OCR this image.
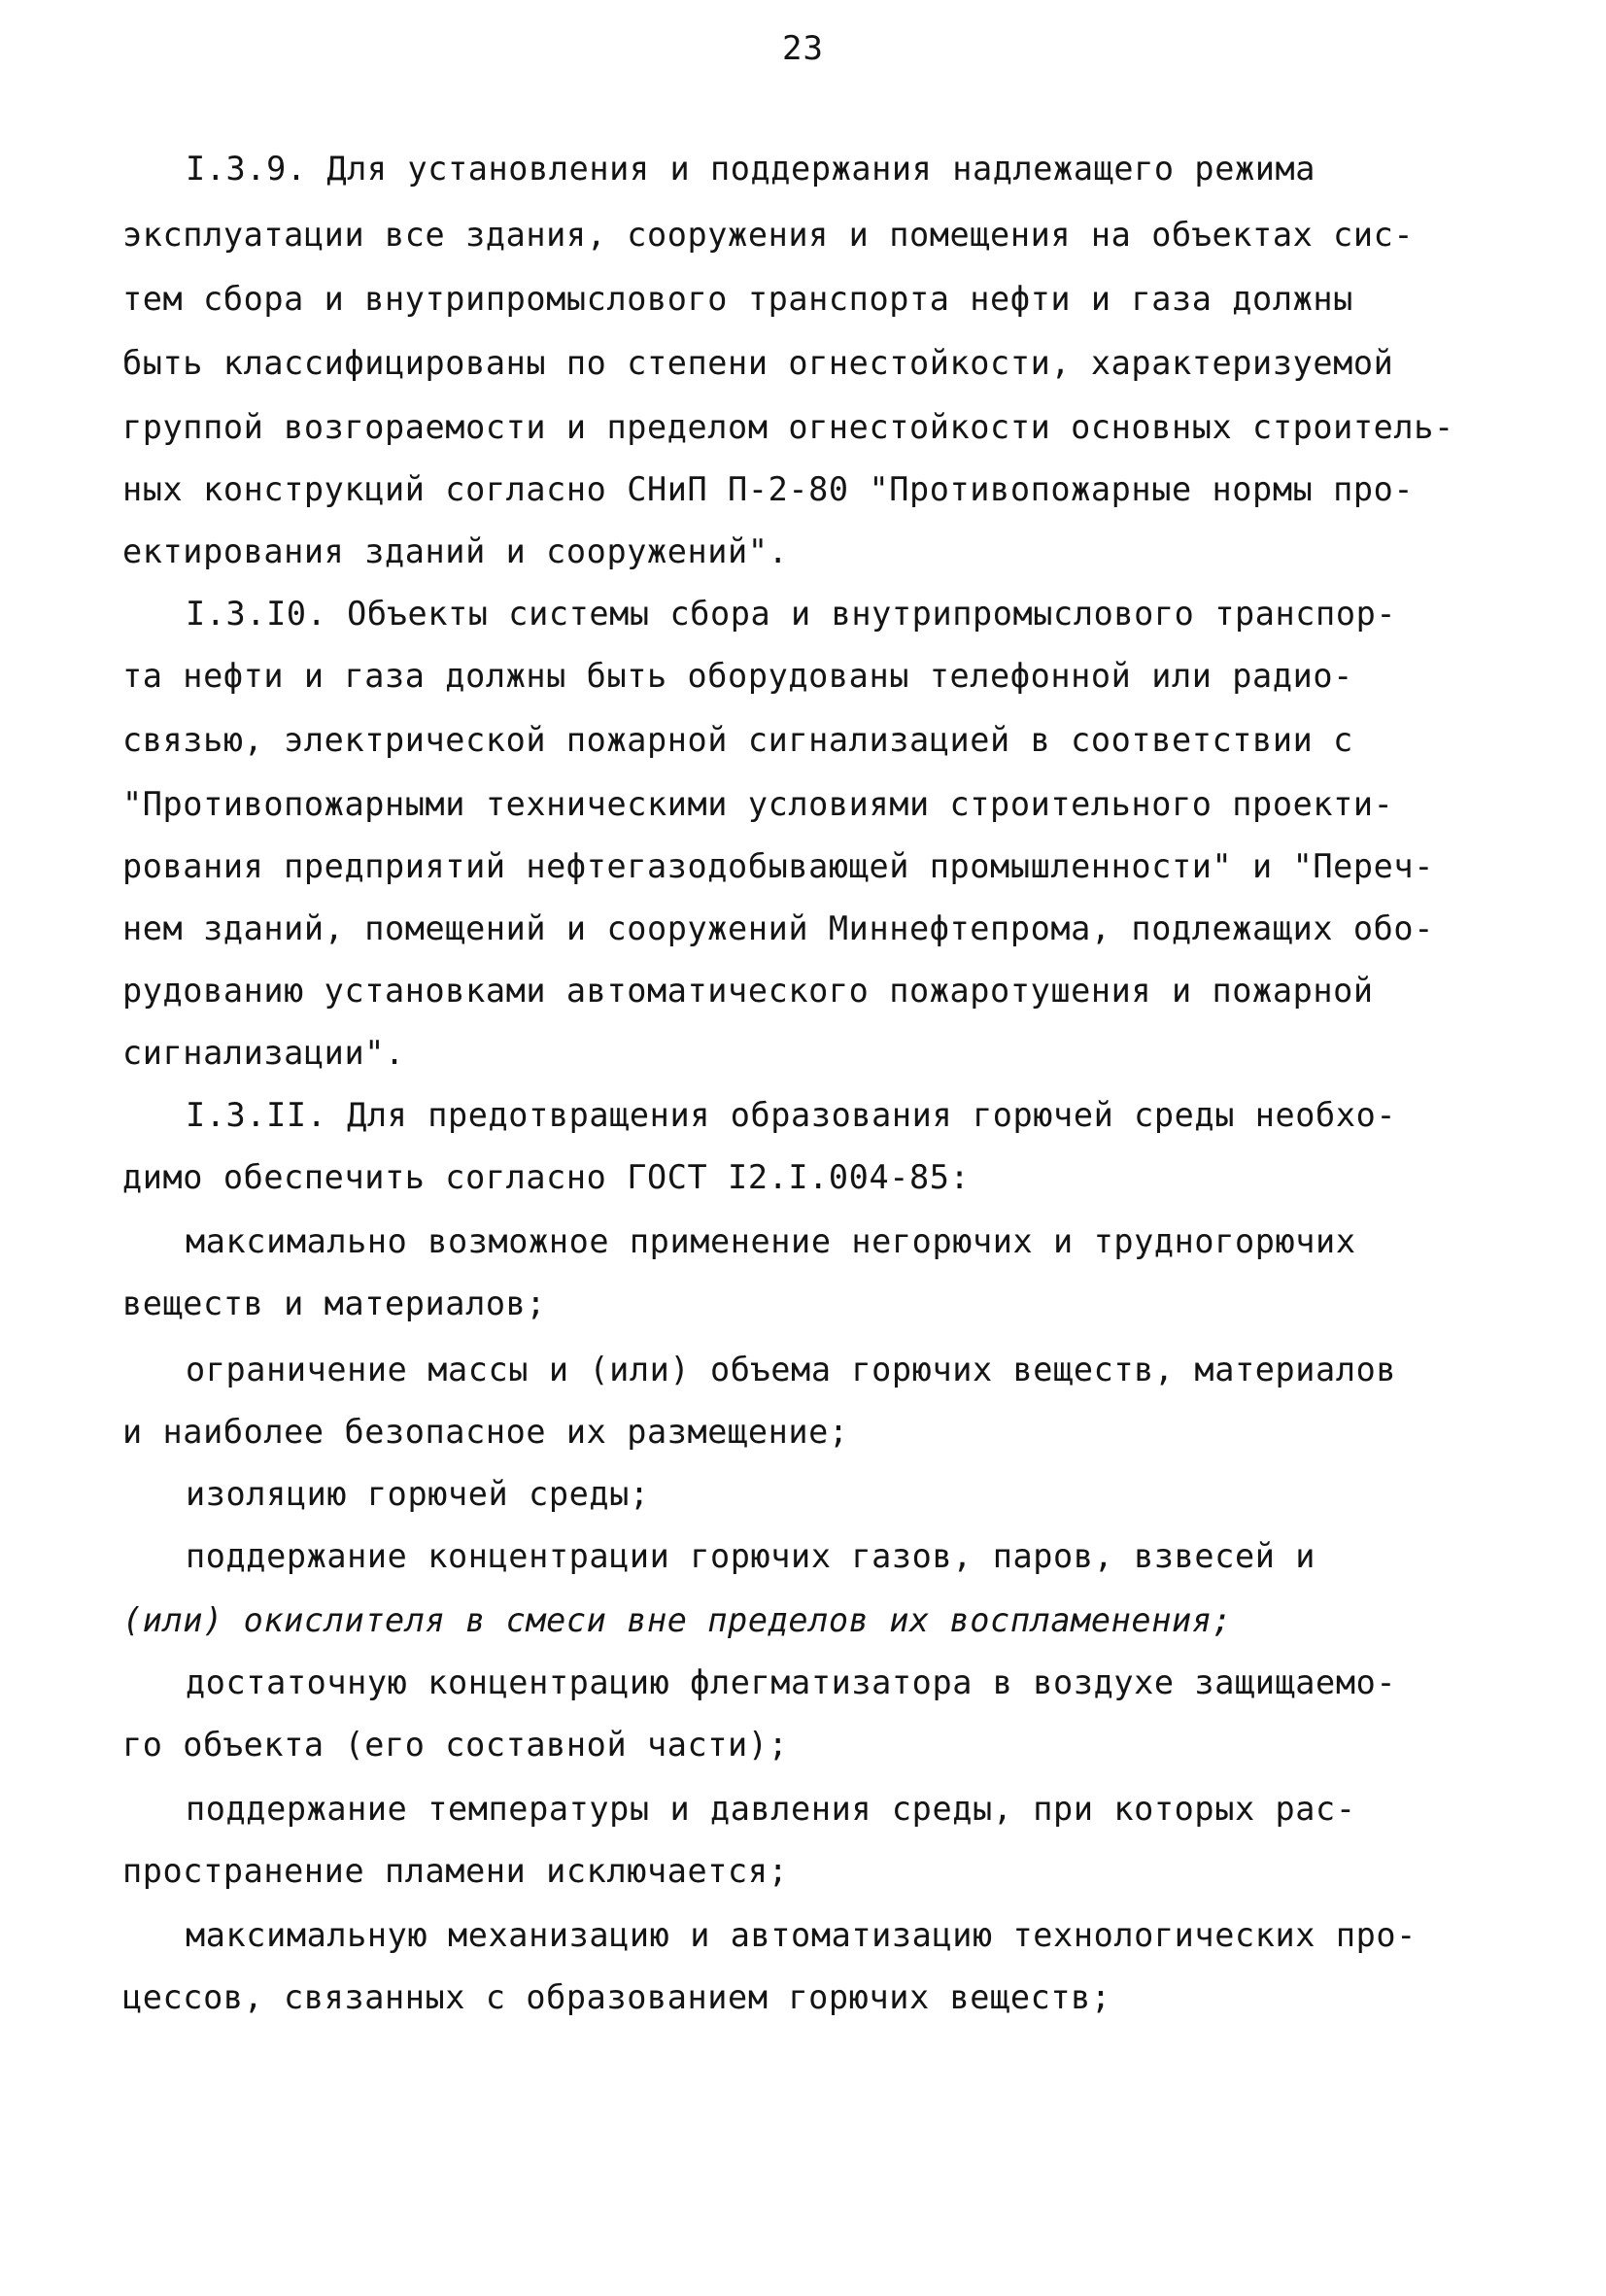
23
I.3.9. Для установления и поддержания надлежащего режима
эксплуатации все здания, сооружения и помещения на объектах сис-
тем сбора и внутрипромыслового транспорта нефти и газа должны
быть классифицированы по степени огнестойкости, характеризуемой
группой возгораемости и пределом огнестойкости основных строитель-
ных конструкций согласно СНиП П-2-80 "Противопожарные нормы про-
ектирования зданий и сооружений".
I.3.I0. Объекты системы сбора и внутрипромыслового транспор-
та нефти и газа должны быть оборудованы телефонной или радио-
связью, электрической пожарной сигнализацией в соответствии с
"Противопожарными техническими условиями строительного проекти-
рования предприятий нефтегазодобывающей промышленности" и "Переч-
нем зданий, помещений и сооружений Миннефтепрома, подлежащих обо-
рудованию установками автоматического пожаротушения и пожарной
сигнализации".
I.3.II. Для предотвращения образования горючей среды необхо-
димо обеспечить согласно ГОСТ I2.I.004-85:
максимально возможное применение негорючих и трудногорючих
веществ и материалов;
ограничение массы и (или) объема горючих веществ, материалов
и наиболее безопасное их размещение;
изоляцию горючей среды;
поддержание концентрации горючих газов, паров, взвесей и
(или) окислителя в смеси вне пределов их воспламенения;
достаточную концентрацию флегматизатора в воздухе защищаемо-
го объекта (его составной части);
поддержание температуры и давления среды, при которых рас-
пространение пламени исключается;
максимальную механизацию и автоматизацию технологических про-
цессов, связанных с образованием горючих веществ;
